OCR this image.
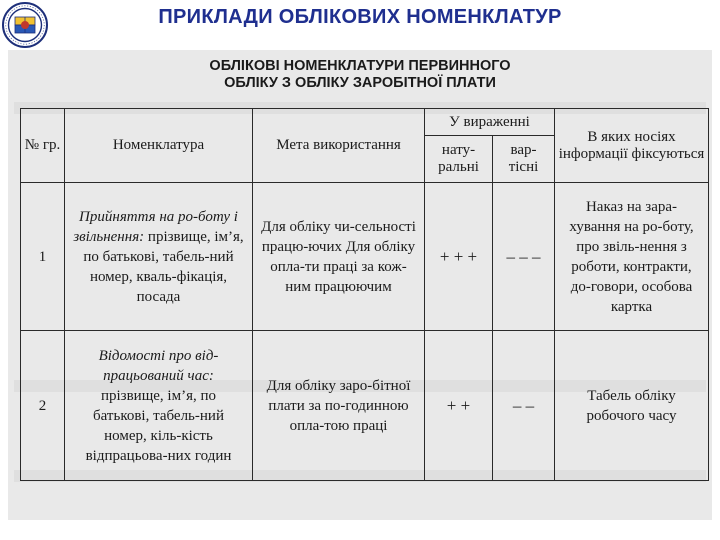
ПРИКЛАДИ ОБЛІКОВИХ НОМЕНКЛАТУР
ОБЛІКОВІ НОМЕНКЛАТУРИ ПЕРВИННОГО
ОБЛІКУ З ОБЛІКУ ЗАРОБІТНОЇ ПЛАТИ
№ гр.	Номенклатура	Мета використання	У вираженні		В яких носіях інформації фіксуються
			нату-ральні	вар-тісні	
1	Прийняття на ро-боту і звільнення: прізвище, ім’я, по батькові, табель-ний номер, кваль-фікація, посада	Для обліку чи-сельності працю-ючих Для обліку опла-ти праці за кож-ним працюючим	+ + +	– – –	Наказ на зара-хування на ро-боту, про звіль-нення з роботи, контракти, до-говори, особова картка
2	Відомості про від-працьований час: прізвище, ім’я, по батькові, табель-ний номер, кіль-кість відпрацьова-них годин	Для обліку заро-бітної плати за по-годинною опла-тою праці	+ +	– –	Табель обліку робочого часу
